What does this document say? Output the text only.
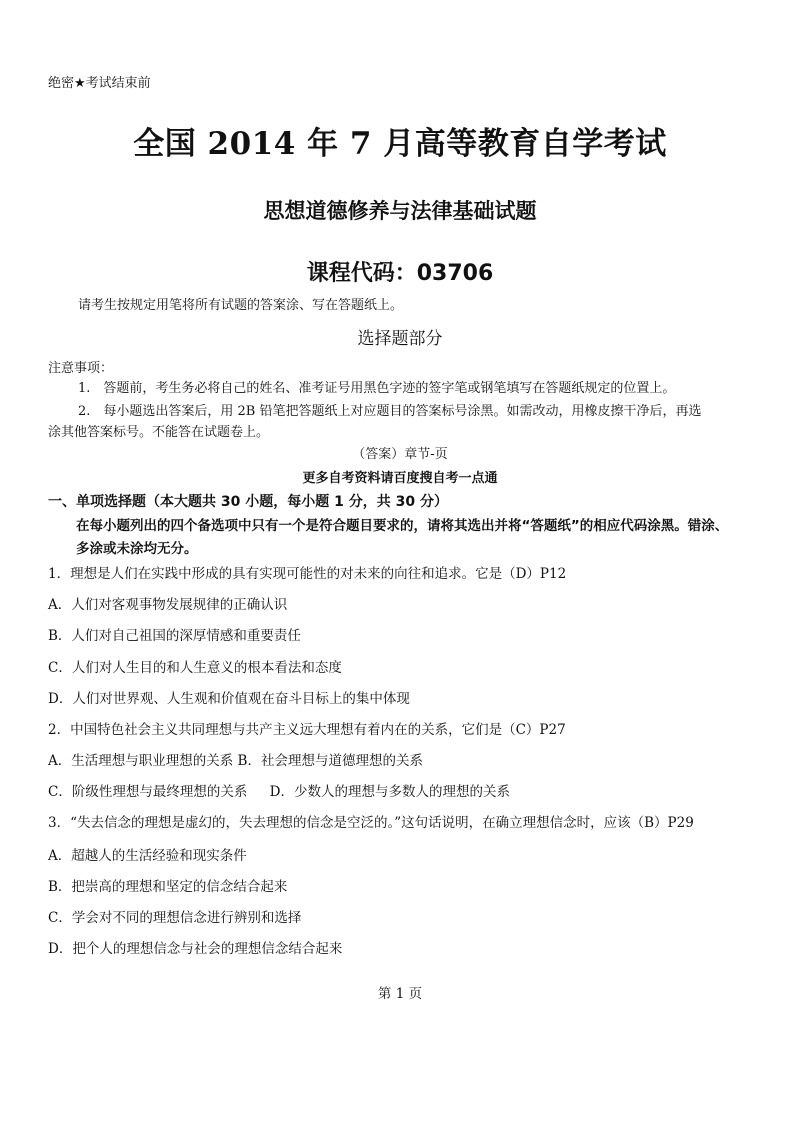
绝密★考试结束前
全国 2014 年 7 月高等教育自学考试
思想道德修养与法律基础试题
课程代码：03706
请考生按规定用笔将所有试题的答案涂、写在答题纸上。
选择题部分
注意事项：
1.　答题前，考生务必将自己的姓名、准考证号用黑色字迹的签字笔或钢笔填写在答题纸规定的位置上。
2.　每小题选出答案后，用 2B 铅笔把答题纸上对应题目的答案标号涂黑。如需改动，用橡皮擦干净后，再选
涂其他答案标号。不能答在试题卷上。
（答案）章节-页
更多自考资料请百度搜自考一点通
一、单项选择题（本大题共 30 小题，每小题 1 分，共 30 分）
在每小题列出的四个备选项中只有一个是符合题目要求的，请将其选出并将“答题纸”的相应代码涂黑。错涂、
多涂或未涂均无分。
1．理想是人们在实践中形成的具有实现可能性的对未来的向往和追求。它是（D）P12
A．人们对客观事物发展规律的正确认识
B．人们对自己祖国的深厚情感和重要责任
C．人们对人生目的和人生意义的根本看法和态度
D．人们对世界观、人生观和价值观在奋斗目标上的集中体现
2．中国特色社会主义共同理想与共产主义远大理想有着内在的关系，它们是（C）P27
A．生活理想与职业理想的关系 B．社会理想与道德理想的关系
C．阶级性理想与最终理想的关系 D．少数人的理想与多数人的理想的关系
3．“失去信念的理想是虚幻的，失去理想的信念是空泛的。”这句话说明，在确立理想信念时，应该（B）P29
A．超越人的生活经验和现实条件
B．把崇高的理想和坚定的信念结合起来
C．学会对不同的理想信念进行辨别和选择
D．把个人的理想信念与社会的理想信念结合起来
第 1 页
